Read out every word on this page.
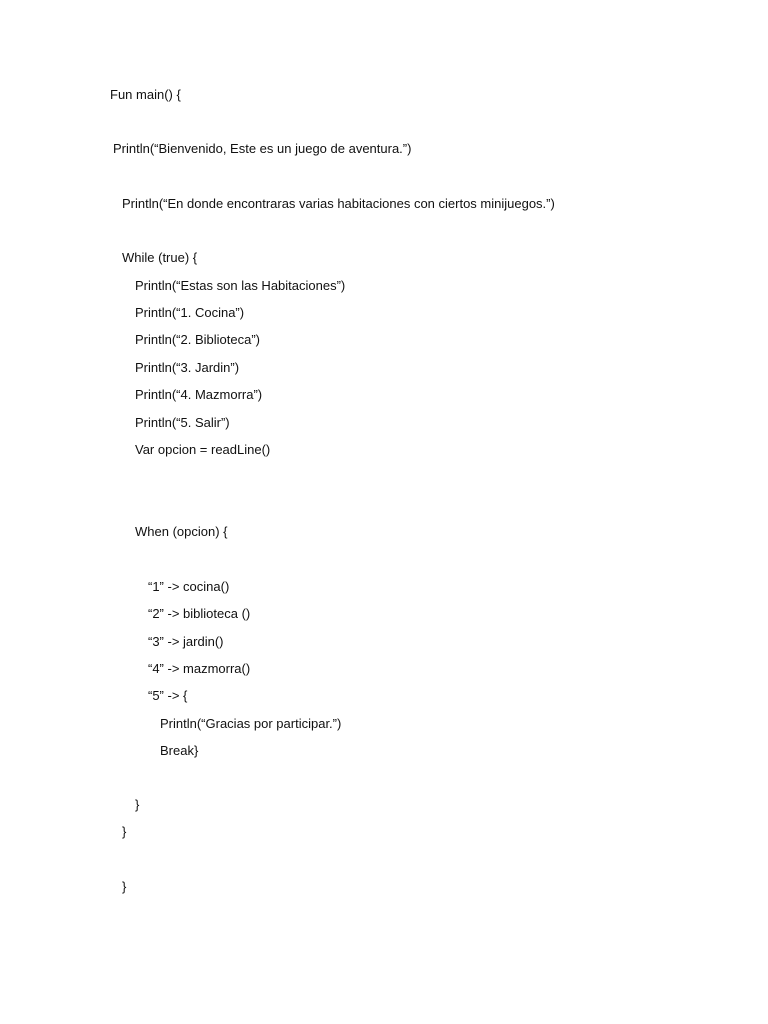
Fun main() {
Println(“Bienvenido, Este es un juego de aventura.”)
Println(“En donde encontraras varias habitaciones con ciertos minijuegos.”)
While (true) {
Println(“Estas son las Habitaciones”)
Println(“1. Cocina”)
Println(“2. Biblioteca”)
Println(“3. Jardin”)
Println(“4. Mazmorra”)
Println(“5. Salir”)
Var opcion = readLine()
When (opcion) {
“1” -> cocina()
“2” -> biblioteca ()
“3” -> jardin()
“4” -> mazmorra()
“5” -> {
Println(“Gracias por participar.”)
Break}
}
}
}
